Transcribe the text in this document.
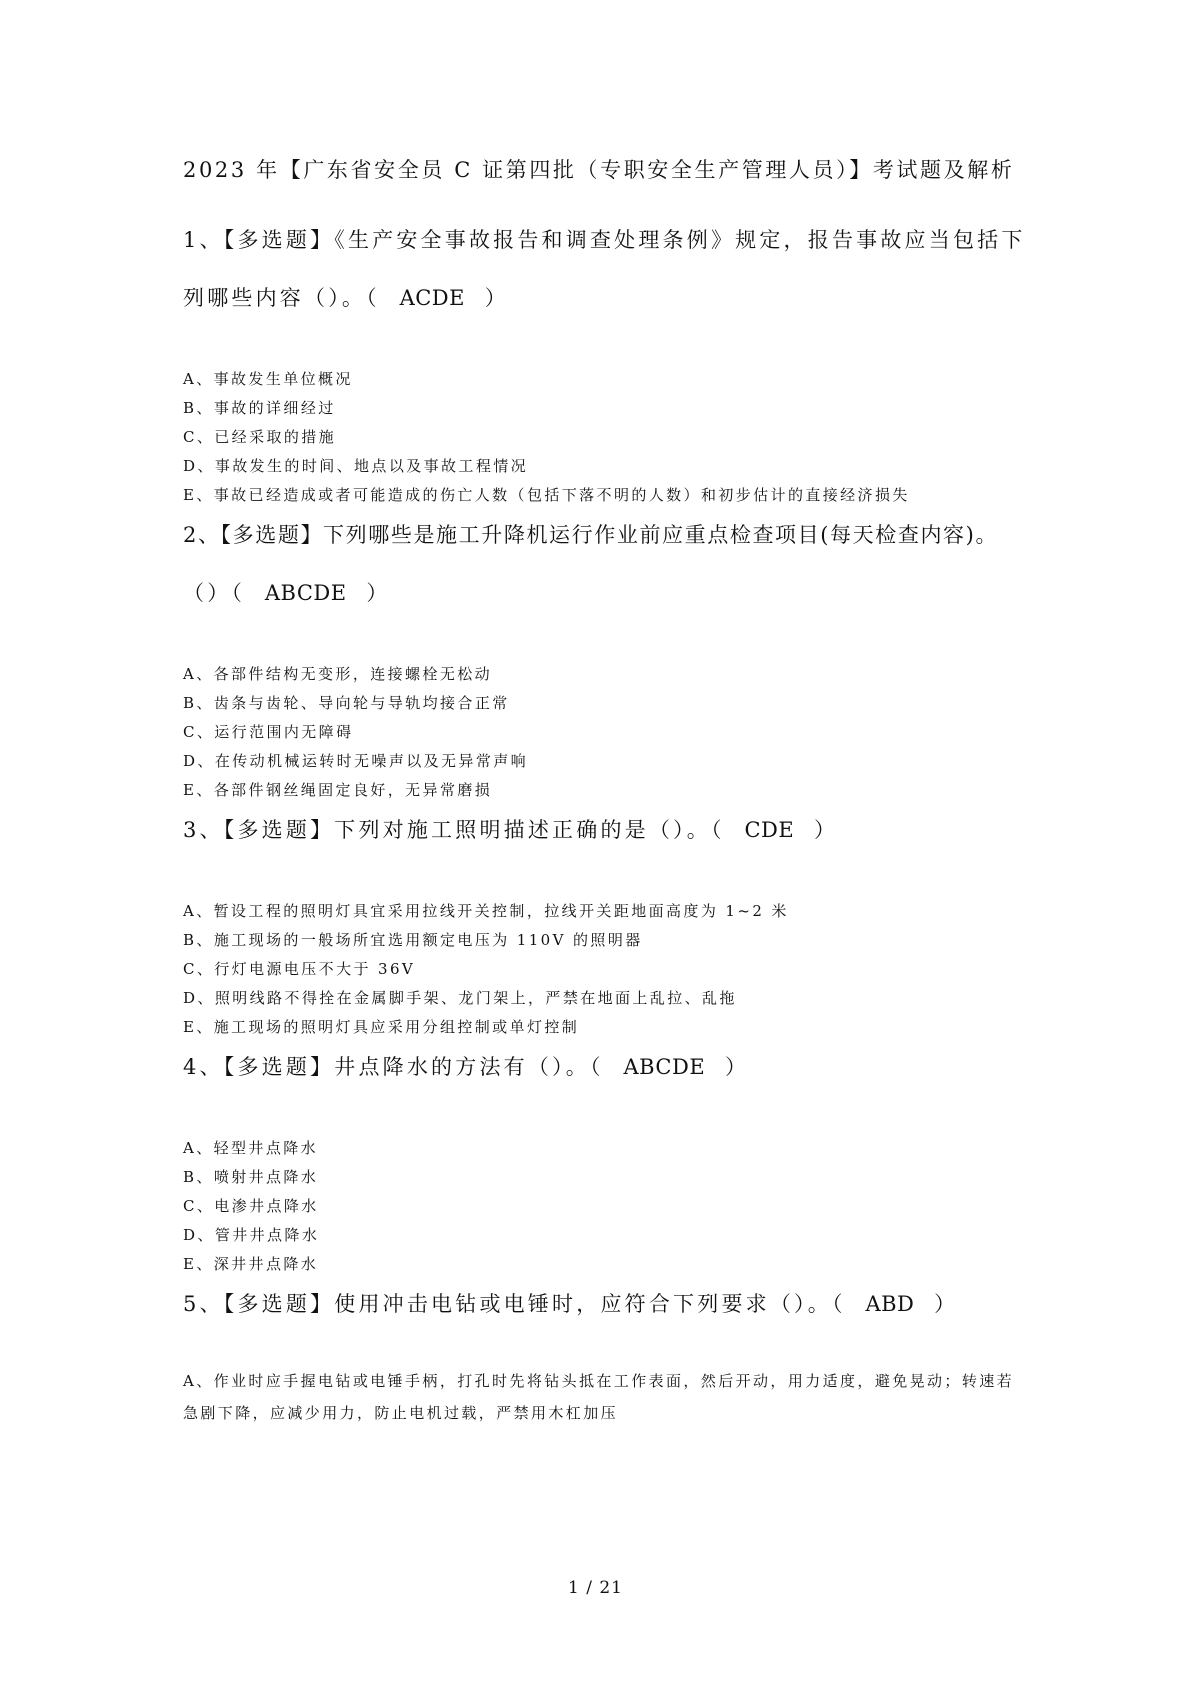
2023 年【广东省安全员 C 证第四批（专职安全生产管理人员）】考试题及解析
1、【多选题】《生产安全事故报告和调查处理条例》规定，报告事故应当包括下
列哪些内容（）。（ ACDE ）
A、事故发生单位概况
B、事故的详细经过
C、已经采取的措施
D、事故发生的时间、地点以及事故工程情况
E、事故已经造成或者可能造成的伤亡人数（包括下落不明的人数）和初步估计的直接经济损失
2、【多选题】下列哪些是施工升降机运行作业前应重点检查项目(每天检查内容)。
（）（ ABCDE ）
A、各部件结构无变形，连接螺栓无松动
B、齿条与齿轮、导向轮与导轨均接合正常
C、运行范围内无障碍
D、在传动机械运转时无噪声以及无异常声响
E、各部件钢丝绳固定良好，无异常磨损
3、【多选题】下列对施工照明描述正确的是（）。（ CDE ）
A、暂设工程的照明灯具宜采用拉线开关控制，拉线开关距地面高度为 1~2 米
B、施工现场的一般场所宜选用额定电压为 110V 的照明器
C、行灯电源电压不大于 36V
D、照明线路不得拴在金属脚手架、龙门架上，严禁在地面上乱拉、乱拖
E、施工现场的照明灯具应采用分组控制或单灯控制
4、【多选题】井点降水的方法有（）。（ ABCDE ）
A、轻型井点降水
B、喷射井点降水
C、电渗井点降水
D、管井井点降水
E、深井井点降水
5、【多选题】使用冲击电钻或电锤时，应符合下列要求（）。（ ABD ）
A、作业时应手握电钻或电锤手柄，打孔时先将钻头抵在工作表面，然后开动，用力适度，避免晃动；转速若急剧下降，应减少用力，防止电机过载，严禁用木杠加压
1 / 21
